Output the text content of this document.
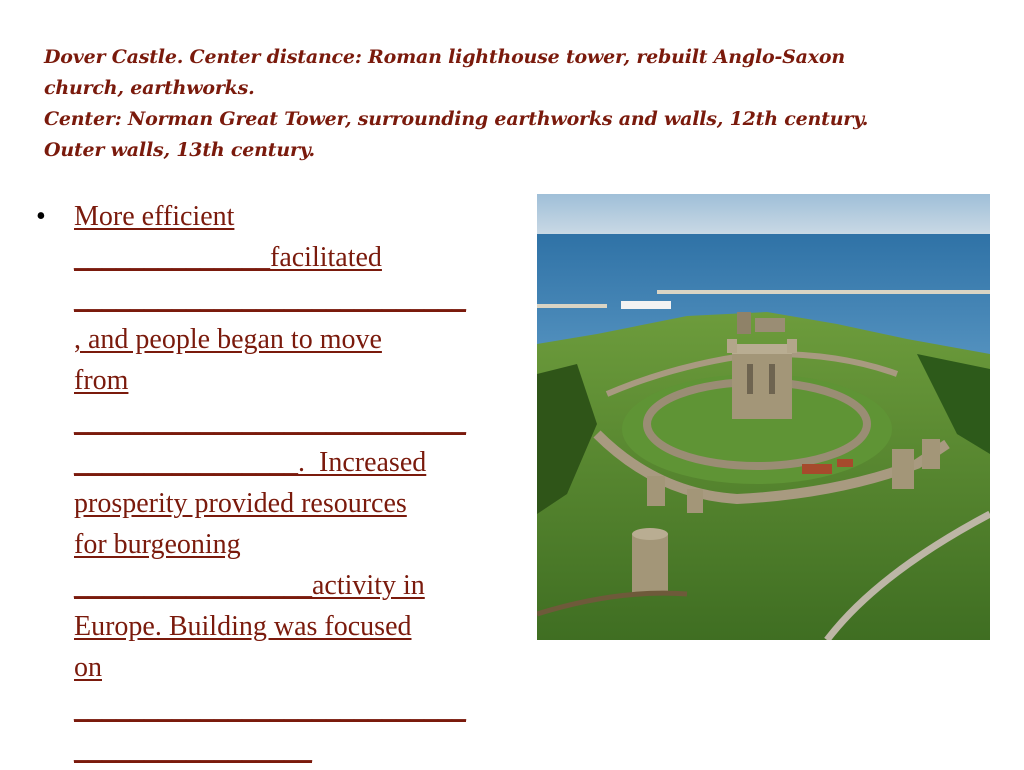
Dover Castle. Center distance: Roman lighthouse tower, rebuilt Anglo-Saxon
church, earthworks.
Center: Norman Great Tower, surrounding earthworks and walls, 12th century.
Outer walls, 13th century.
• More efficient
______________facilitated
____________________________
, and people began to move
from
____________________________
________________.  Increased
prosperity provided resources
for burgeoning
_________________activity in
Europe. Building was focused
on
____________________________
_________________
